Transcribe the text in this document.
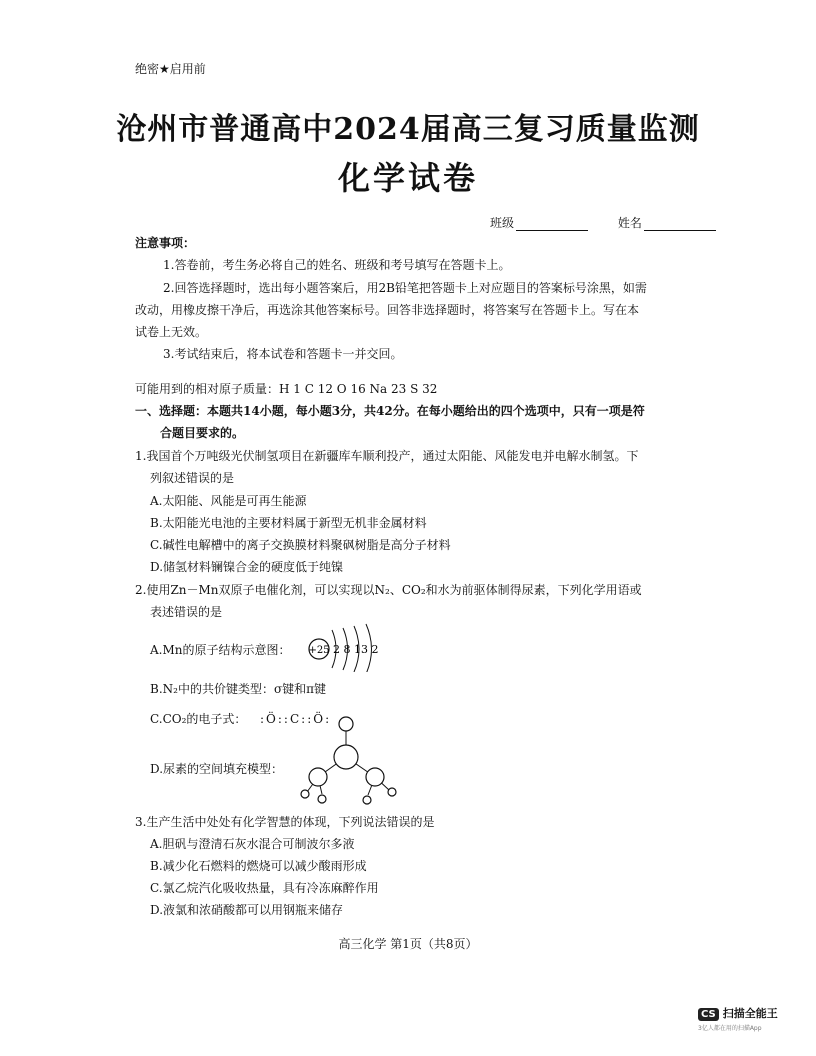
绝密★启用前
沧州市普通高中2024届高三复习质量监测
化学试卷
班级	姓名
注意事项：
1.答卷前，考生务必将自己的姓名、班级和考号填写在答题卡上。
2.回答选择题时，选出每小题答案后，用2B铅笔把答题卡上对应题目的答案标号涂黑，如需
改动，用橡皮擦干净后，再选涂其他答案标号。回答非选择题时，将答案写在答题卡上。写在本
试卷上无效。
3.考试结束后，将本试卷和答题卡一并交回。
可能用到的相对原子质量：H 1 C 12 O 16 Na 23 S 32
一、选择题：本题共14小题，每小题3分，共42分。在每小题给出的四个选项中，只有一项是符
合题目要求的。
1.我国首个万吨级光伏制氢项目在新疆库车顺利投产，通过太阳能、风能发电并电解水制氢。下
列叙述错误的是
A.太阳能、风能是可再生能源
B.太阳能光电池的主要材料属于新型无机非金属材料
C.碱性电解槽中的离子交换膜材料聚砜树脂是高分子材料
D.储氢材料镧镍合金的硬度低于纯镍
2.使用Zn－Mn双原子电催化剂，可以实现以N₂、CO₂和水为前驱体制得尿素，下列化学用语或
表述错误的是
A.Mn的原子结构示意图： +25 2 8 13 2
B.N₂中的共价键类型：σ键和π键
C.CO₂的电子式： :Ö::C::Ö:
D.尿素的空间填充模型：
3.生产生活中处处有化学智慧的体现，下列说法错误的是
A.胆矾与澄清石灰水混合可制波尔多液
B.减少化石燃料的燃烧可以减少酸雨形成
C.氯乙烷汽化吸收热量，具有冷冻麻醉作用
D.液氯和浓硝酸都可以用钢瓶来储存
高三化学 第1页（共8页）
CS 扫描全能王
3亿人都在用的扫描App
